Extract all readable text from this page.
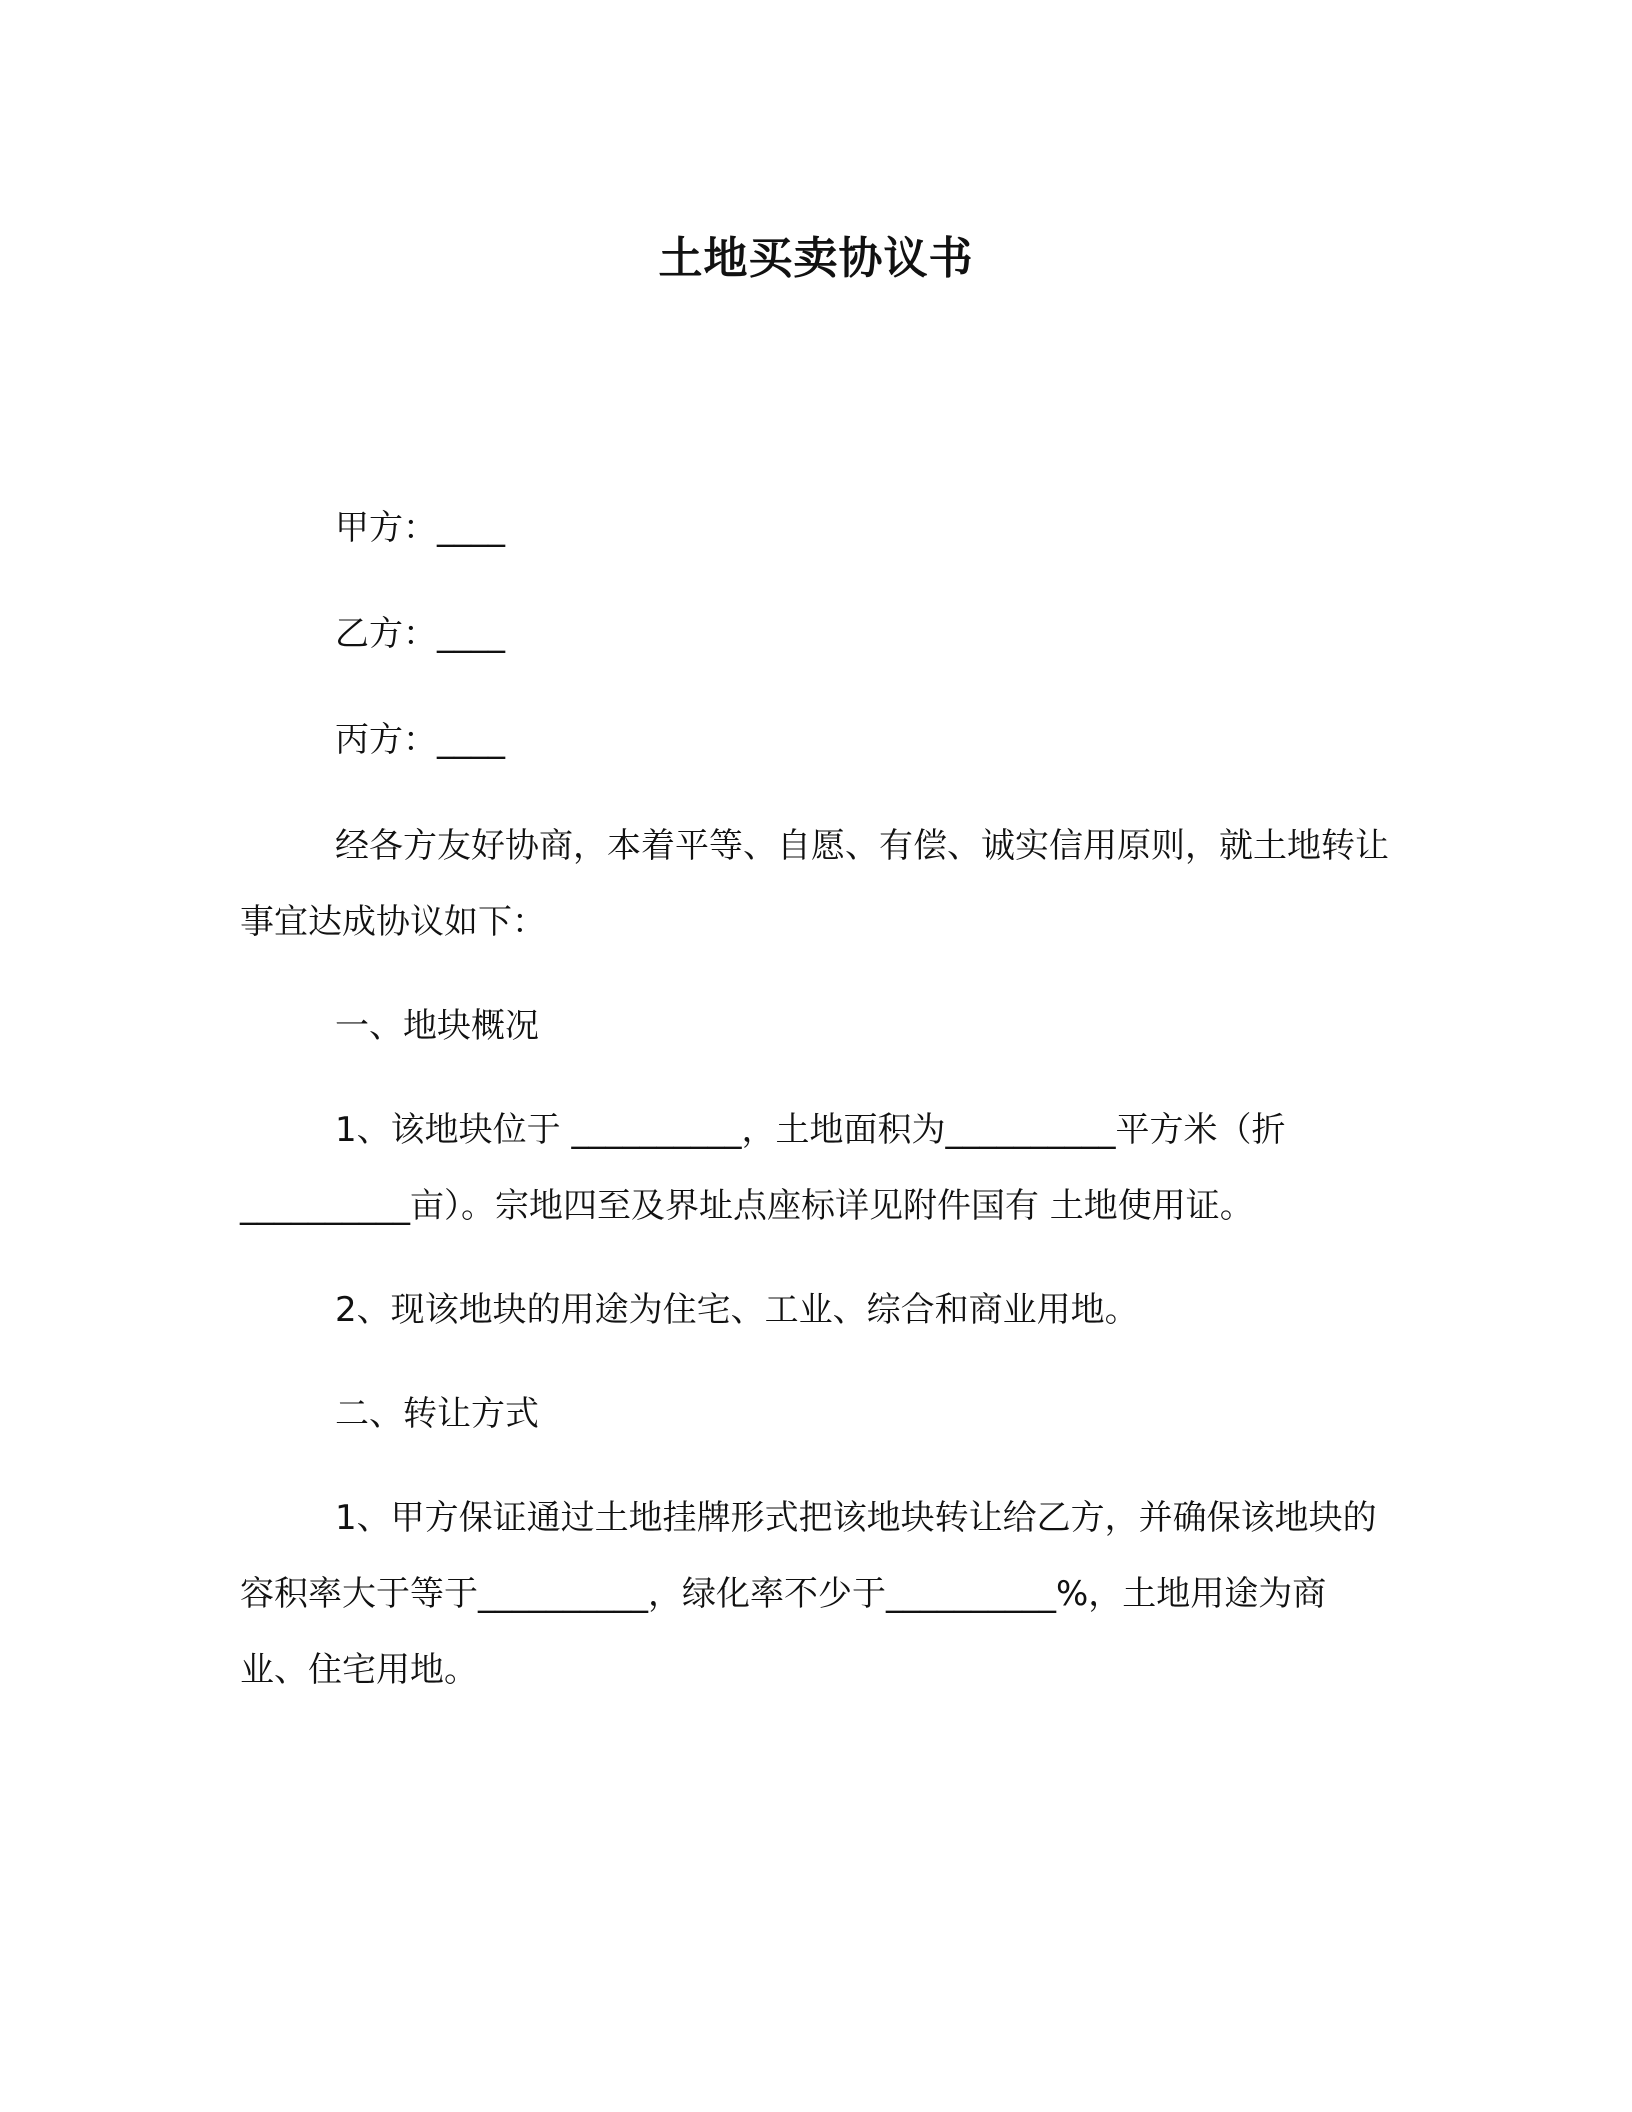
土地买卖协议书

甲方：____

乙方：____

丙方：____

经各方友好协商，本着平等、自愿、有偿、诚实信用原则，就土地转让事宜达成协议如下：

一、地块概况

1、该地块位于 __________，土地面积为__________平方米（折__________亩）。宗地四至及界址点座标详见附件国有 土地使用证。

2、现该地块的用途为住宅、工业、综合和商业用地。

二、转让方式

1、甲方保证通过土地挂牌形式把该地块转让给乙方，并确保该地块的容积率大于等于__________，绿化率不少于__________%，土地用途为商业、住宅用地。
